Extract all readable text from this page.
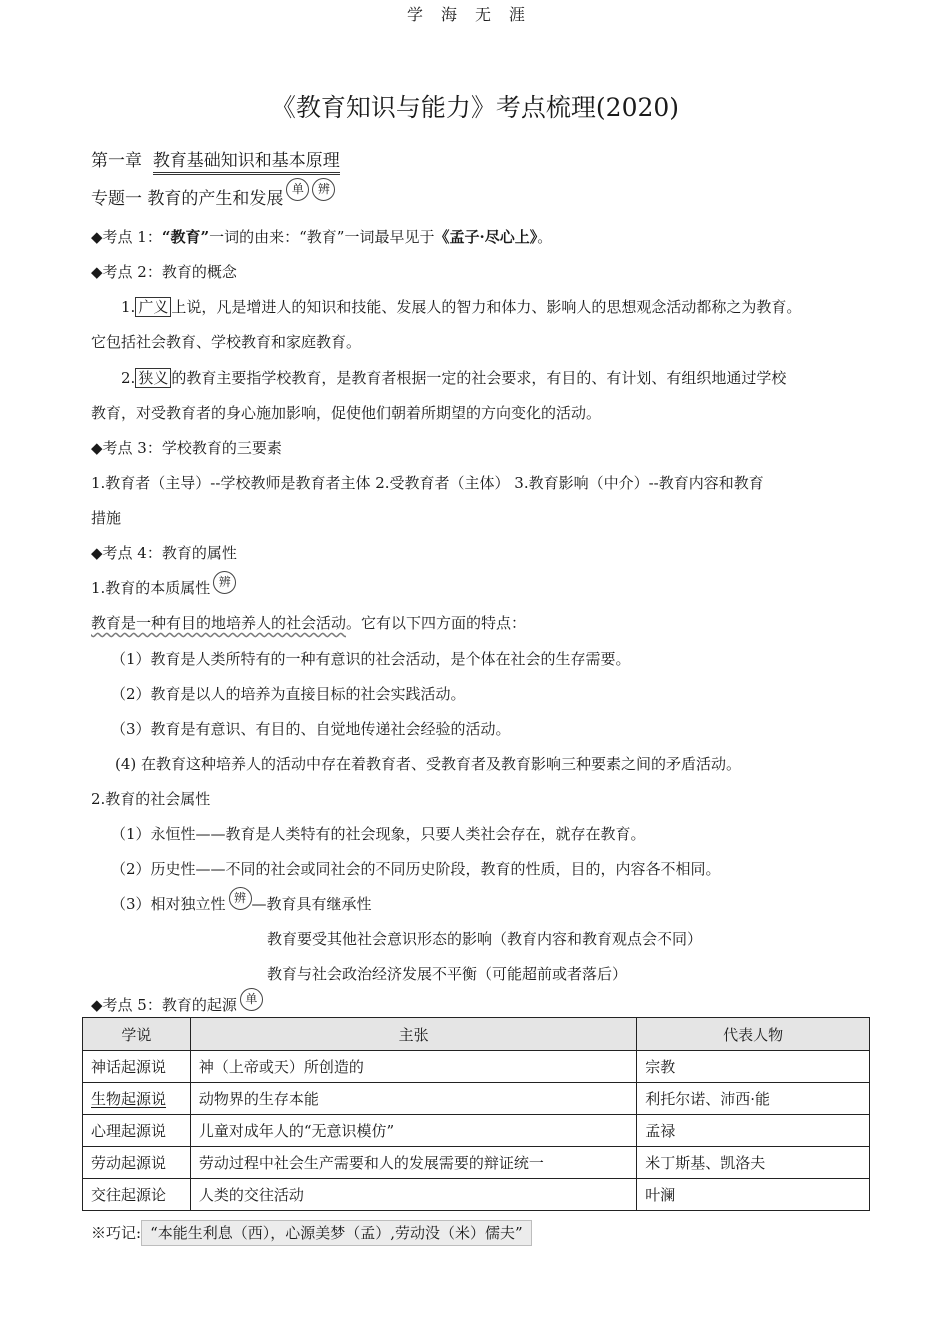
学海无涯
《教育知识与能力》考点梳理(2020)
第一章 教育基础知识和基本原理
专题一 教育的产生和发展 单 辨
◆考点 1：“教育”一词的由来：“教育”一词最早见于《孟子·尽心上》。
◆考点 2：教育的概念
1. 广义 上说，凡是增进人的知识和技能、发展人的智力和体力、影响人的思想观念活动都称之为教育。
它包括社会教育、学校教育和家庭教育。
2. 狭义 的教育主要指学校教育，是教育者根据一定的社会要求，有目的、有计划、有组织地通过学校
教育，对受教育者的身心施加影响，促使他们朝着所期望的方向变化的活动。
◆考点 3：学校教育的三要素
1.教育者（主导）--学校教师是教育者主体 2.受教育者（主体） 3.教育影响（中介）--教育内容和教育
措施
◆考点 4：教育的属性
1.教育的本质属性 辨
教育是一种有目的地培养人的社会活动。它有以下四方面的特点：
（1）教育是人类所特有的一种有意识的社会活动，是个体在社会的生存需要。
（2）教育是以人的培养为直接目标的社会实践活动。
（3）教育是有意识、有目的、自觉地传递社会经验的活动。
(4) 在教育这种培养人的活动中存在着教育者、受教育者及教育影响三种要素之间的矛盾活动。
2.教育的社会属性
（1）永恒性——教育是人类特有的社会现象，只要人类社会存在，就存在教育。
（2）历史性——不同的社会或同社会的不同历史阶段，教育的性质，目的，内容各不相同。
（3）相对独立性 辨 —教育具有继承性
教育要受其他社会意识形态的影响（教育内容和教育观点会不同）
教育与社会政治经济发展不平衡（可能超前或者落后）
◆考点 5：教育的起源 单
学说	主张	代表人物
神话起源说	神（上帝或天）所创造的	宗教
生物起源说	动物界的生存本能	利托尔诺、沛西·能
心理起源说	儿童对成年人的“无意识模仿”	孟禄
劳动起源说	劳动过程中社会生产需要和人的发展需要的辩证统一	米丁斯基、凯洛夫
交往起源论	人类的交往活动	叶澜
※巧记: “本能生利息（西），心源美梦（孟）,劳动没（米）儒夫”
